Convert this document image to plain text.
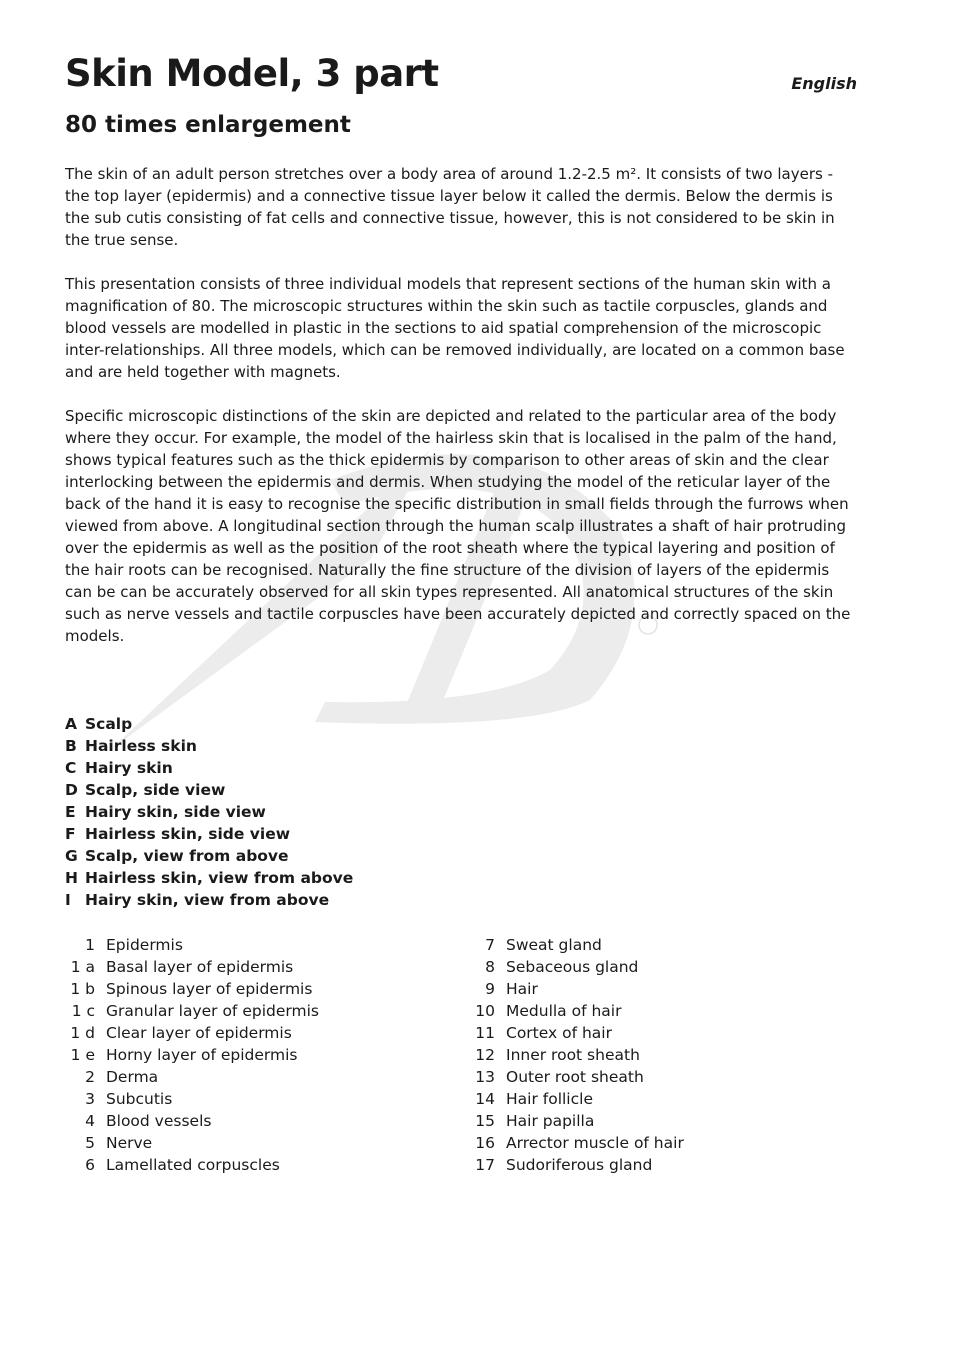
Skin Model, 3 part	English
80 times enlargement

The skin of an adult person stretches over a body area of around 1.2-2.5 m². It consists of two layers - the top layer (epidermis) and a connective tissue layer below it called the dermis. Below the dermis is the sub cutis consisting of fat cells and connective tissue, however, this is not considered to be skin in the true sense.

This presentation consists of three individual models that represent sections of the human skin with a magnification of 80. The microscopic structures within the skin such as tactile corpuscles, glands and blood vessels are modelled in plastic in the sections to aid spatial comprehension of the microscopic inter-relationships. All three models, which can be removed individually, are located on a common base and are held together with magnets.

Specific microscopic distinctions of the skin are depicted and related to the particular area of the body where they occur. For example, the model of the hairless skin that is localised in the palm of the hand, shows typical features such as the thick epidermis by comparison to other areas of skin and the clear interlocking between the epidermis and dermis. When studying the model of the reticular layer of the back of the hand it is easy to recognise the specific distribution in small fields through the furrows when viewed from above. A longitudinal section through the human scalp illustrates a shaft of hair protruding over the epidermis as well as the position of the root sheath where the typical layering and position of the hair roots can be recognised. Naturally the fine structure of the division of layers of the epidermis can be can be accurately observed for all skin types represented. All anatomical structures of the skin such as nerve vessels and tactile corpuscles have been accurately depicted and correctly spaced on the models.

A Scalp
B Hairless skin
C Hairy skin
D Scalp, side view
E Hairy skin, side view
F Hairless skin, side view
G Scalp, view from above
H Hairless skin, view from above
I Hairy skin, view from above
1 Epidermis
1 a Basal layer of epidermis
1 b Spinous layer of epidermis
1 c Granular layer of epidermis
1 d Clear layer of epidermis
1 e Horny layer of epidermis
2 Derma
3 Subcutis
4 Blood vessels
5 Nerve
6 Lamellated corpuscles
7 Sweat gland
8 Sebaceous gland
9 Hair
10 Medulla of hair
11 Cortex of hair
12 Inner root sheath
13 Outer root sheath
14 Hair follicle
15 Hair papilla
16 Arrector muscle of hair
17 Sudoriferous gland
